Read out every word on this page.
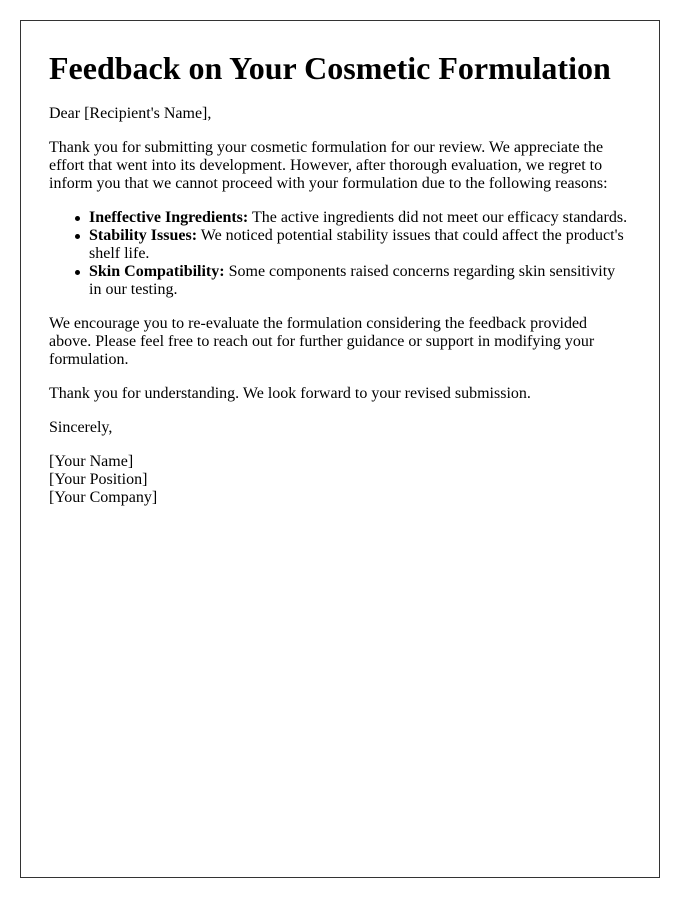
Feedback on Your Cosmetic Formulation

Dear [Recipient's Name],

Thank you for submitting your cosmetic formulation for our review. We appreciate the effort that went into its development. However, after thorough evaluation, we regret to inform you that we cannot proceed with your formulation due to the following reasons:

Ineffective Ingredients: The active ingredients did not meet our efficacy standards.
Stability Issues: We noticed potential stability issues that could affect the product's shelf life.
Skin Compatibility: Some components raised concerns regarding skin sensitivity in our testing.

We encourage you to re-evaluate the formulation considering the feedback provided above. Please feel free to reach out for further guidance or support in modifying your formulation.

Thank you for understanding. We look forward to your revised submission.

Sincerely,

[Your Name]

[Your Position]

[Your Company]
